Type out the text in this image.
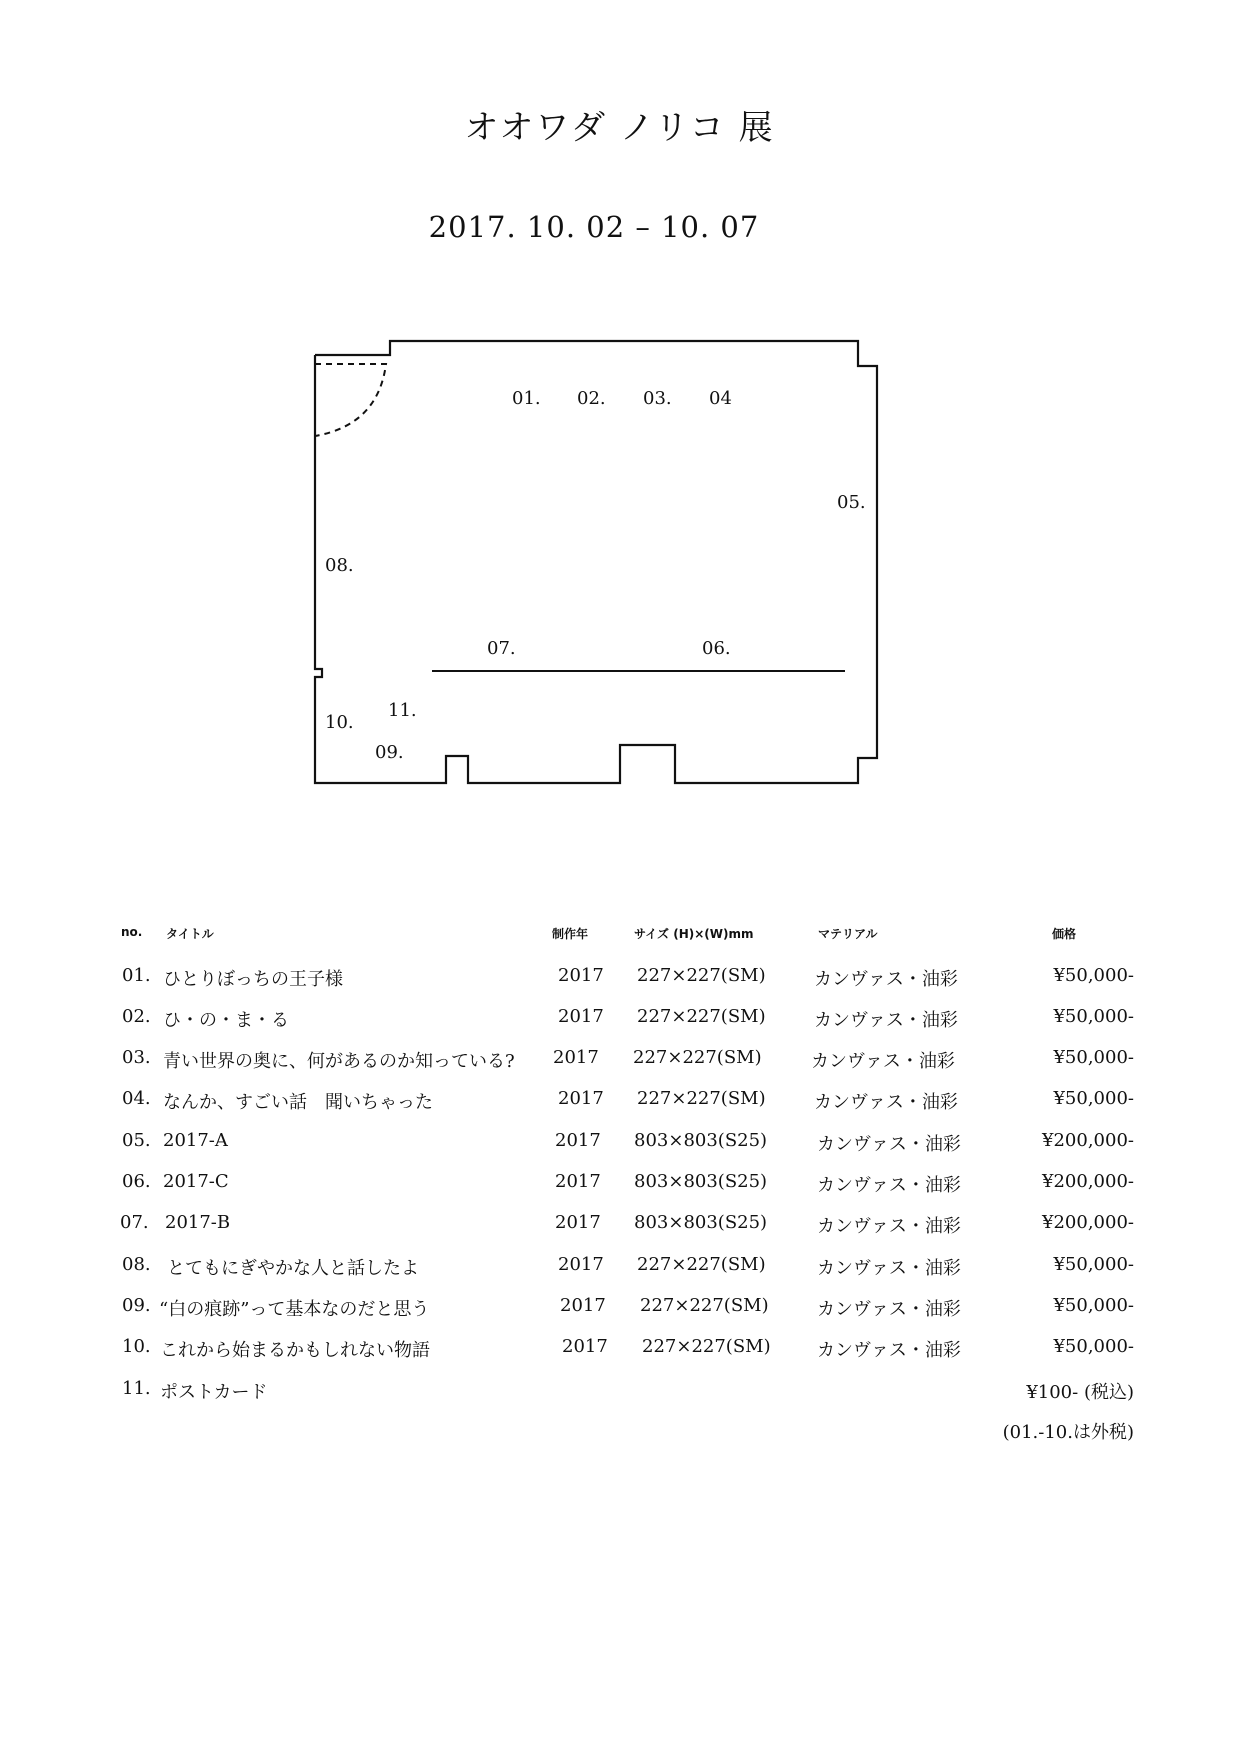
オオワダ ノリコ 展
2017. 10. 02 – 10. 07
01. 02. 03. 04
05.
06.
07.
08.
09.
10.
11.
no. タイトル	制作年	サイズ (H)×(W)mm	マテリアル	価格
01. ひとりぼっちの王子様	2017 227×227(SM)	カンヴァス・油彩	¥50,000-
02. ひ・の・ま・る	2017 227×227(SM)	カンヴァス・油彩	¥50,000-
03. 青い世界の奥に、何があるのか知っている? 2017 227×227(SM)	カンヴァス・油彩	¥50,000-
04. なんか、すごい話　聞いちゃった	2017 227×227(SM)	カンヴァス・油彩	¥50,000-
05. 2017-A	2017 803×803(S25)	カンヴァス・油彩	¥200,000-
06. 2017-C	2017 803×803(S25)	カンヴァス・油彩	¥200,000-
07. 2017-B	2017 803×803(S25)	カンヴァス・油彩	¥200,000-
08. とてもにぎやかな人と話したよ	2017 227×227(SM)	カンヴァス・油彩	¥50,000-
09. “白の痕跡”って基本なのだと思う	2017 227×227(SM)	カンヴァス・油彩	¥50,000-
10. これから始まるかもしれない物語	2017 227×227(SM)	カンヴァス・油彩	¥50,000-
11. ポストカード	¥100- (税込)
(01.-10.は外税)
